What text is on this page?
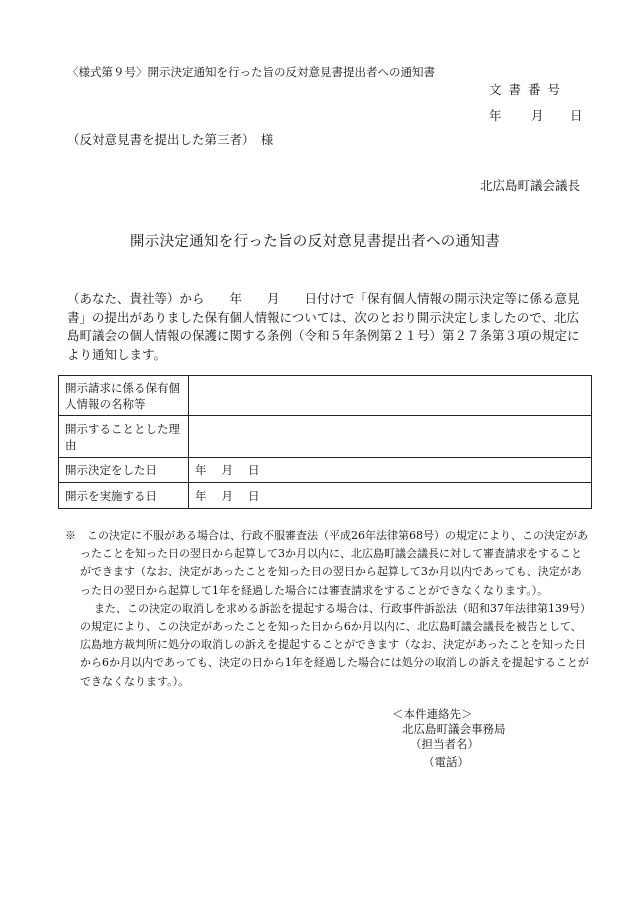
〈様式第９号〉開示決定通知を行った旨の反対意見書提出者への通知書
文書番号
年 月 日
（反対意見書を提出した第三者）　様
北広島町議会議長
開示決定通知を行った旨の反対意見書提出者への通知書

（あなた、貴社等）から　　年　　月　　日付けで「保有個人情報の開示決定等に係る意見書」の提出がありました保有個人情報については、次のとおり開示決定しましたので、北広島町議会の個人情報の保護に関する条例（令和５年条例第２１号）第２７条第３項の規定により通知します。

開示請求に係る保有個人情報の名称等	
開示することとした理由	
開示決定をした日	年 月 日
開示を実施する日	年 月 日

※　この決定に不服がある場合は、行政不服審査法（平成26年法律第68号）の規定により、この決定があったことを知った日の翌日から起算して3か月以内に、北広島町議会議長に対して審査請求をすることができます（なお、決定があったことを知った日の翌日から起算して3か月以内であっても、決定があった日の翌日から起算して1年を経過した場合には審査請求をすることができなくなります。）。

また、この決定の取消しを求める訴訟を提起する場合は、行政事件訴訟法（昭和37年法律第139号）の規定により、この決定があったことを知った日から6か月以内に、北広島町議会議長を被告として、広島地方裁判所に処分の取消しの訴えを提起することができます（なお、決定があったことを知った日から6か月以内であっても、決定の日から1年を経過した場合には処分の取消しの訴えを提起することができなくなります。）。

＜本件連絡先＞
北広島町議会事務局
（担当者名）
（電話）
